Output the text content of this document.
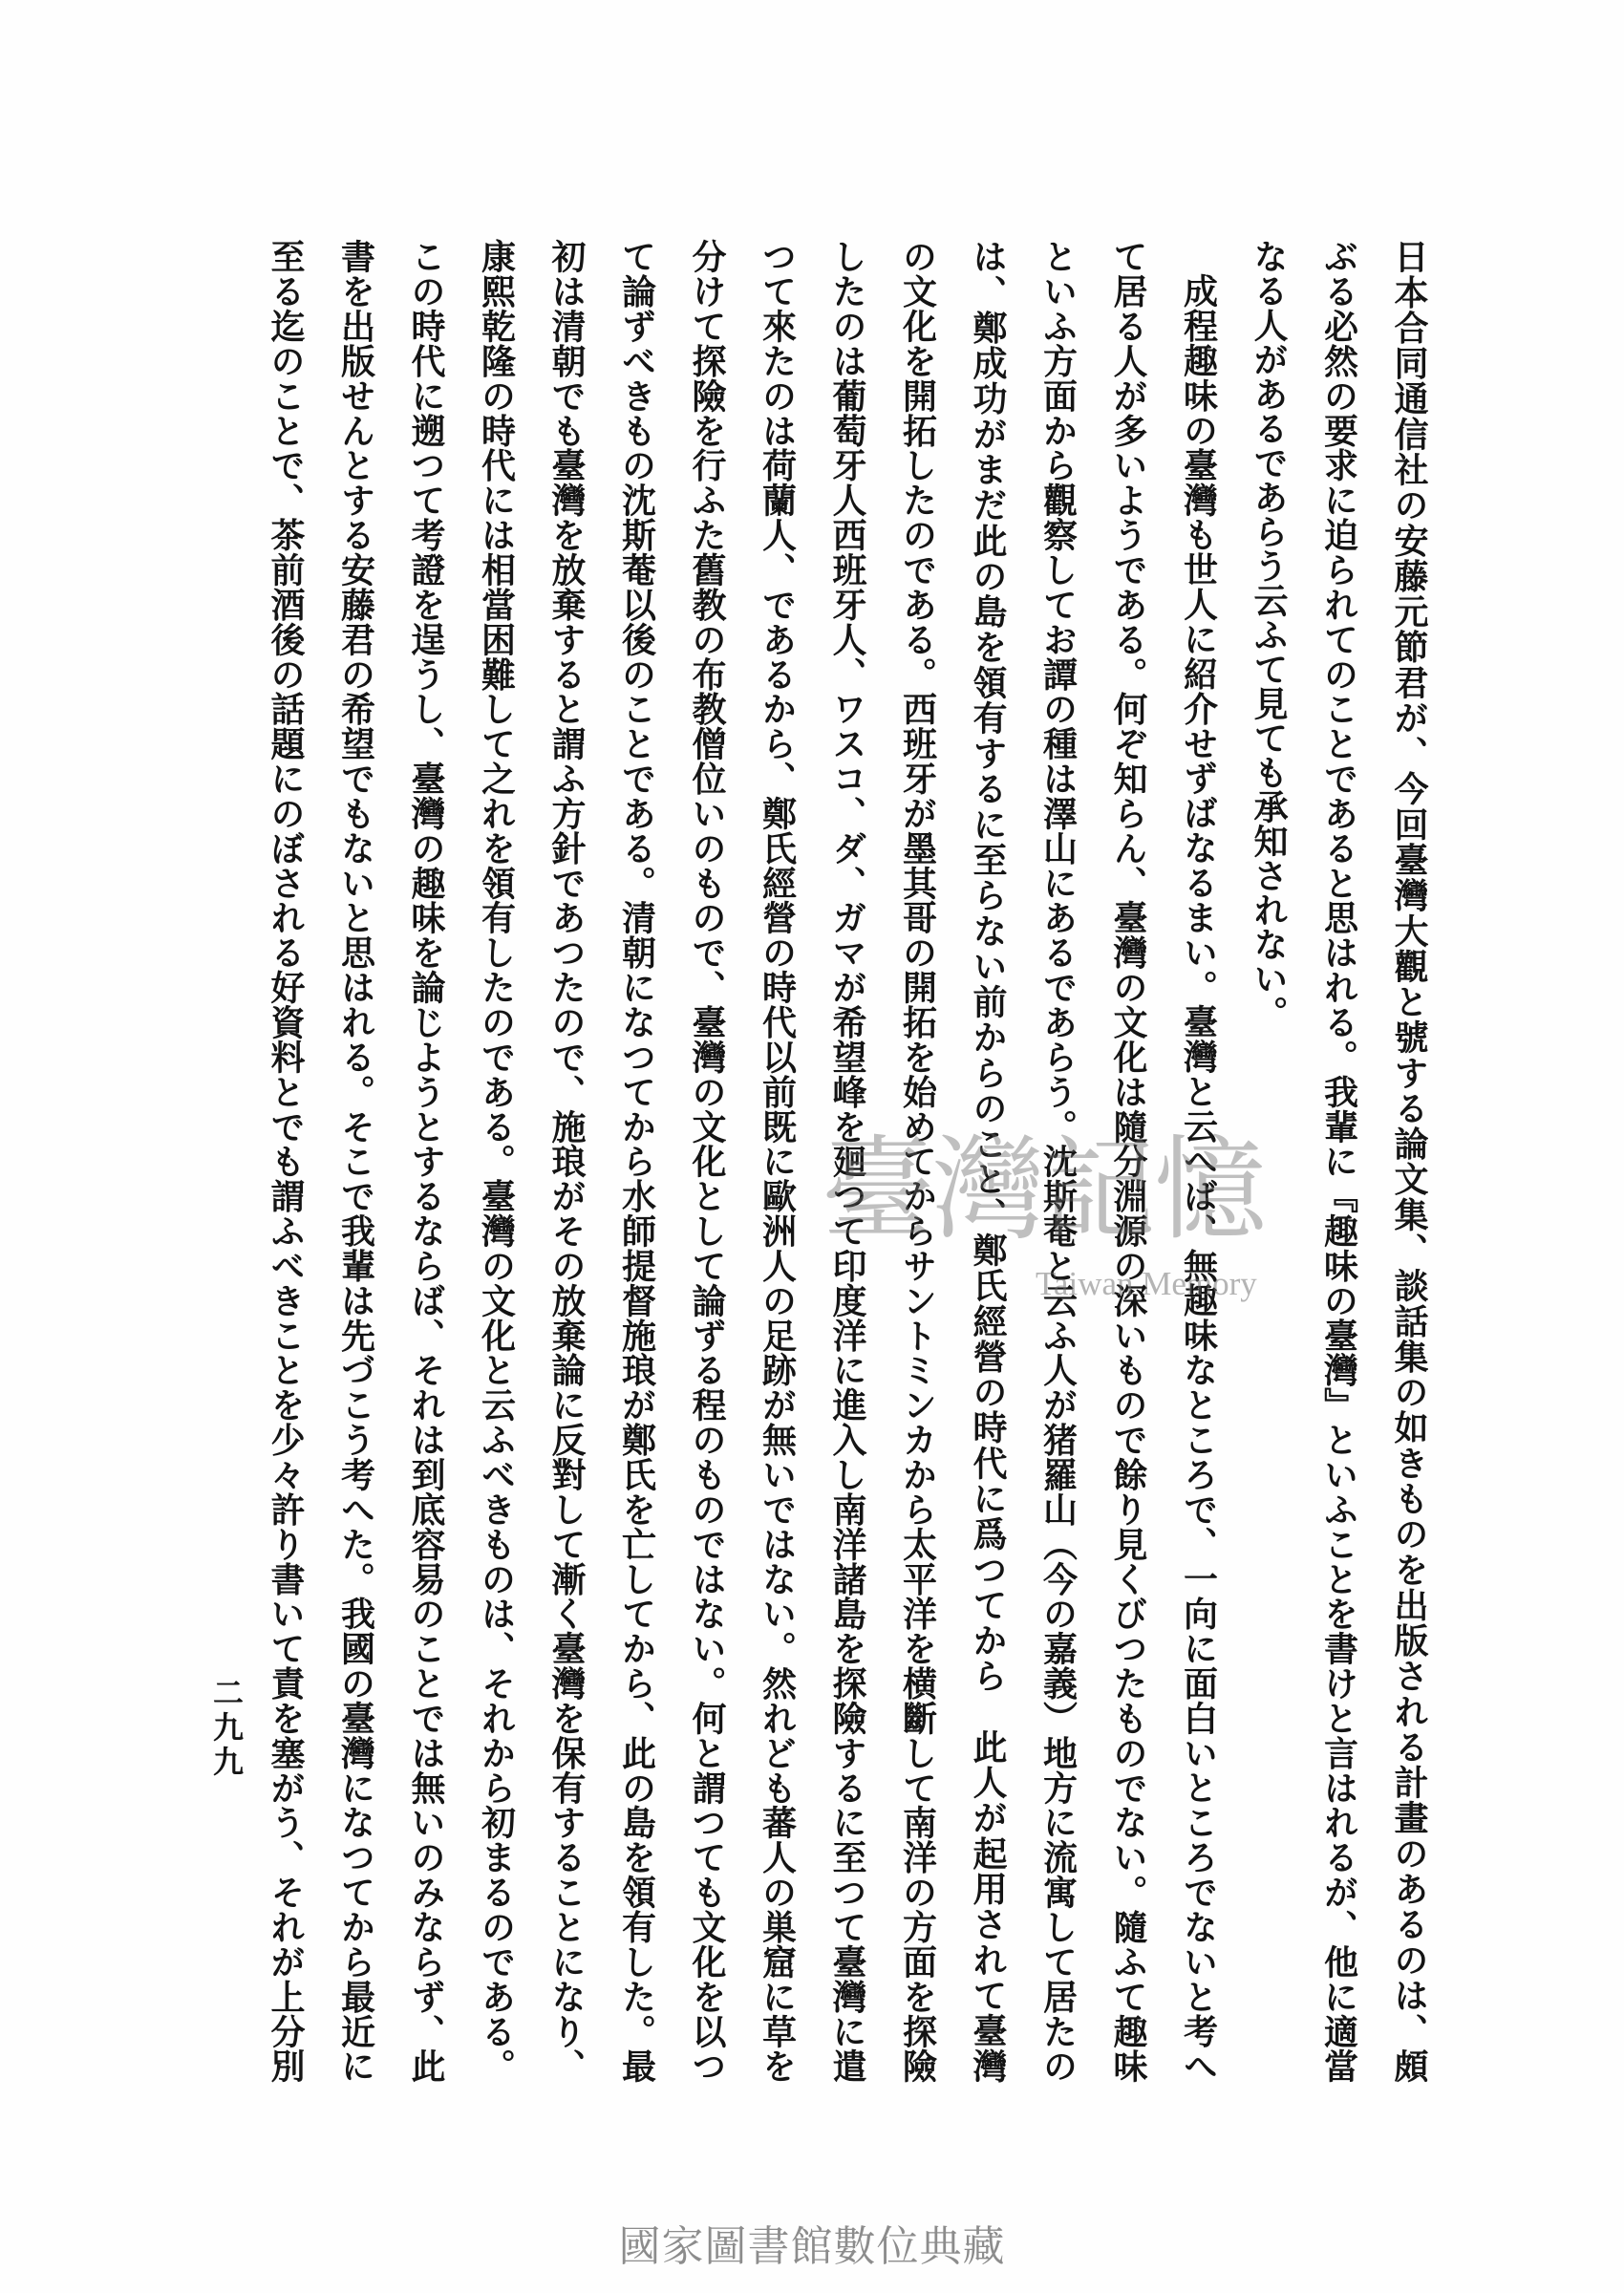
日本合同通信社の安藤元節君が、今回臺灣大觀と號する論文集、談話集の如きものを出版される計畫のあるのは、頗
ぶる必然の要求に迫られてのことであると思はれる。我輩に『趣味の臺灣』といふことを書けと言はれるが、他に適當
なる人があるであらう云ふて見ても承知されない。
成程趣味の臺灣も世人に紹介せずばなるまい。臺灣と云へば、無趣味なところで、一向に面白いところでないと考へ
て居る人が多いようである。何ぞ知らん、臺灣の文化は隨分淵源の深いもので餘り見くびつたものでない。隨ふて趣味
といふ方面から觀察してお譚の種は澤山にあるであらう。沈斯菴と云ふ人が猪羅山（今の嘉義）地方に流寓して居たの
は、鄭成功がまだ此の島を領有するに至らない前からのこと、鄭氏經營の時代に爲つてから　此人が起用されて臺灣
の文化を開拓したのである。西班牙が墨其哥の開拓を始めてからサントミンカから太平洋を横斷して南洋の方面を探險
したのは葡萄牙人西班牙人、ワスコ、ダ、ガマが希望峰を廻つて印度洋に進入し南洋諸島を探險するに至つて臺灣に遣
つて來たのは荷蘭人、であるから、鄭氏經營の時代以前既に歐洲人の足跡が無いではない。然れども蕃人の巣窟に草を
分けて探險を行ふた舊教の布教僧位いのもので、臺灣の文化として論ずる程のものではない。何と謂つても文化を以つ
て論ずべきもの沈斯菴以後のことである。清朝になつてから水師提督施琅が鄭氏を亡してから、此の島を領有した。最
初は清朝でも臺灣を放棄すると謂ふ方針であつたので、施琅がその放棄論に反對して漸く臺灣を保有することになり、
康熙乾隆の時代には相當困難して之れを領有したのである。臺灣の文化と云ふべきものは、それから初まるのである。
この時代に遡つて考證を逞うし、臺灣の趣味を論じようとするならば、それは到底容易のことでは無いのみならず、此
書を出版せんとする安藤君の希望でもないと思はれる。そこで我輩は先づこう考へた。我國の臺灣になつてから最近に
至る迄のことで、茶前酒後の話題にのぼされる好資料とでも謂ふべきことを少々許り書いて責を塞がう、それが上分別
二九九
臺灣記憶
Taiwan Memory
國家圖書館數位典藏
